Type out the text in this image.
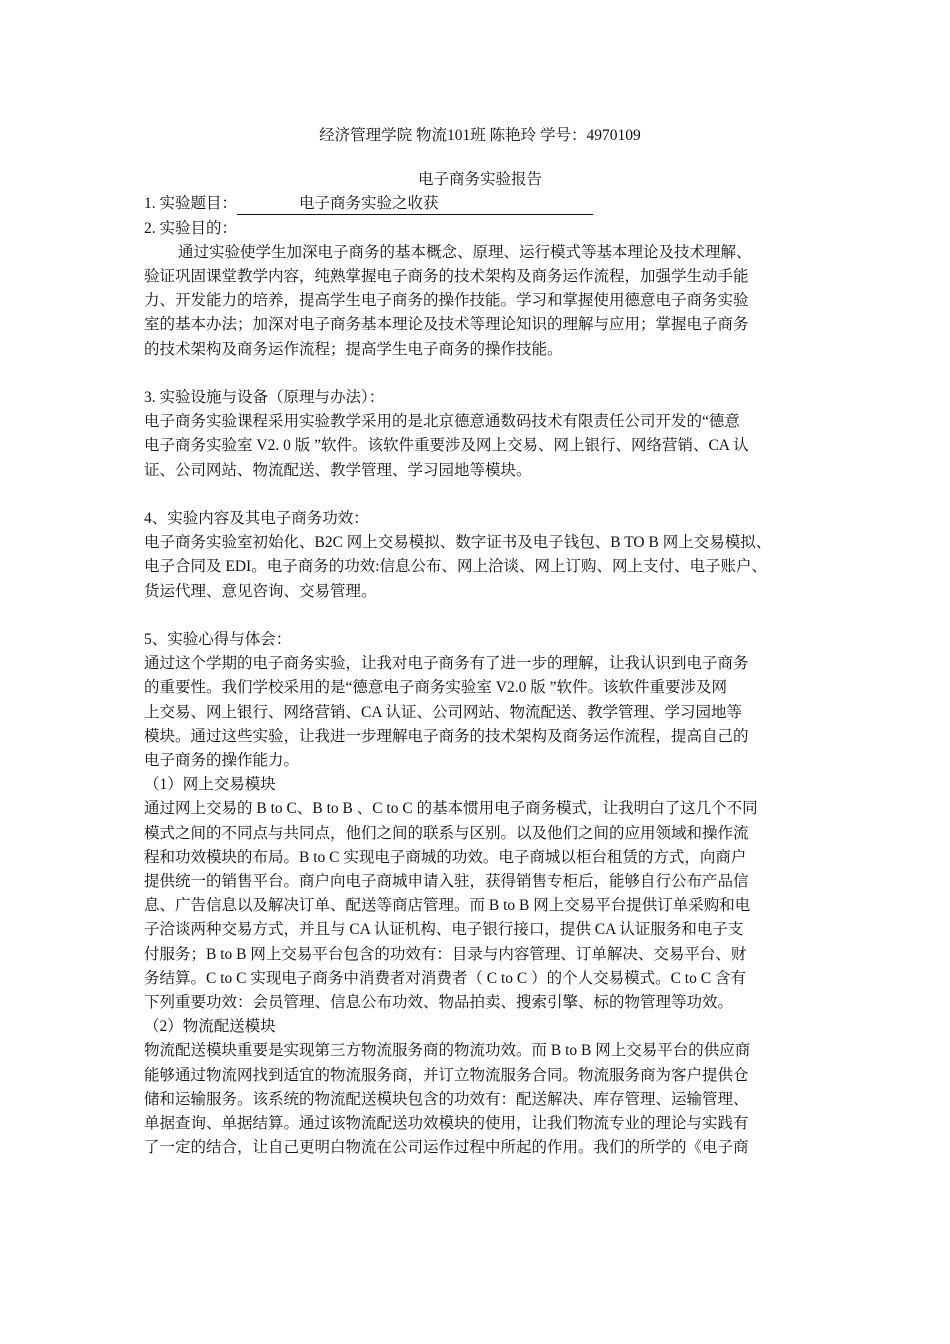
经济管理学院 物流101班 陈艳玲 学号：4970109
电子商务实验报告
1. 实验题目：	电子商务实验之收获
2. 实验目的：
通过实验使学生加深电子商务的基本概念、原理、运行模式等基本理论及技术理解、
验证巩固课堂教学内容，纯熟掌握电子商务的技术架构及商务运作流程，加强学生动手能
力、开发能力的培养，提高学生电子商务的操作技能。学习和掌握使用德意电子商务实验
室的基本办法；加深对电子商务基本理论及技术等理论知识的理解与应用；掌握电子商务
的技术架构及商务运作流程；提高学生电子商务的操作技能。
3. 实验设施与设备（原理与办法）：
电子商务实验课程采用实验教学采用的是北京德意通数码技术有限责任公司开发的“德意
电子商务实验室 V2. 0 版 ”软件。该软件重要涉及网上交易、网上银行、网络营销、CA 认
证、公司网站、物流配送、教学管理、学习园地等模块。
4、实验内容及其电子商务功效：
电子商务实验室初始化、B2C 网上交易模拟、数字证书及电子钱包、B TO B 网上交易模拟、
电子合同及 EDI。电子商务的功效:信息公布、网上洽谈、网上订购、网上支付、电子账户、
货运代理、意见咨询、交易管理。
5、实验心得与体会：
通过这个学期的电子商务实验，让我对电子商务有了进一步的理解，让我认识到电子商务
的重要性。我们学校采用的是“德意电子商务实验室 V2.0 版 ”软件。该软件重要涉及网
上交易、网上银行、网络营销、CA 认证、公司网站、物流配送、教学管理、学习园地等
模块。通过这些实验，让我进一步理解电子商务的技术架构及商务运作流程，提高自己的
电子商务的操作能力。
（1）网上交易模块
通过网上交易的 B to C、B to B 、C to C 的基本惯用电子商务模式，让我明白了这几个不同
模式之间的不同点与共同点，他们之间的联系与区别。以及他们之间的应用领域和操作流
程和功效模块的布局。B to C 实现电子商城的功效。电子商城以柜台租赁的方式，向商户
提供统一的销售平台。商户向电子商城申请入驻，获得销售专柜后，能够自行公布产品信
息、广告信息以及解决订单、配送等商店管理。而 B to B 网上交易平台提供订单采购和电
子洽谈两种交易方式，并且与 CA 认证机构、电子银行接口，提供 CA 认证服务和电子支
付服务；B to B 网上交易平台包含的功效有：目录与内容管理、订单解决、交易平台、财
务结算。C to C 实现电子商务中消费者对消费者（ C to C ）的个人交易模式。C to C 含有
下列重要功效：会员管理、信息公布功效、物品拍卖、搜索引擎、标的物管理等功效。
（2）物流配送模块
物流配送模块重要是实现第三方物流服务商的物流功效。而 B to B 网上交易平台的供应商
能够通过物流网找到适宜的物流服务商，并订立物流服务合同。物流服务商为客户提供仓
储和运输服务。该系统的物流配送模块包含的功效有：配送解决、库存管理、运输管理、
单据查询、单据结算。通过该物流配送功效模块的使用，让我们物流专业的理论与实践有
了一定的结合，让自己更明白物流在公司运作过程中所起的作用。我们的所学的《电子商
